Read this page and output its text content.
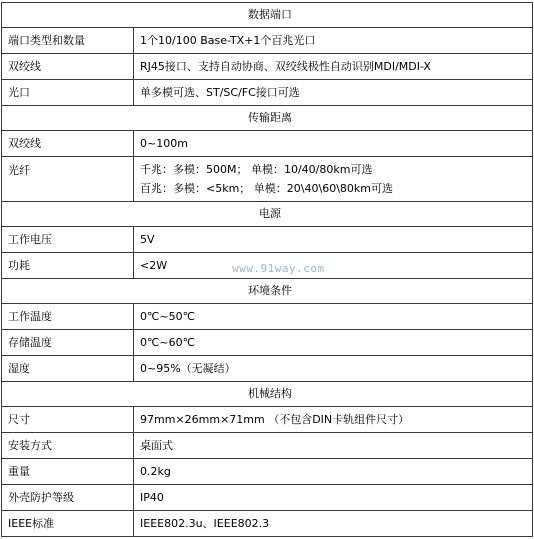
数据端口	
端口类型和数量	1个10/100 Base-TX+1个百兆光口
双绞线	RJ45接口、支持自动协商、双绞线极性自动识别MDI/MDI-X
光口	单多模可选、ST/SC/FC接口可选
传输距离	
双绞线	0~100m
光纤	千兆：多模：500M； 单模：10/40/80km可选
百兆：多模：<5km； 单模：20\40\60\80km可选

电源	
工作电压	5V
功耗	<2W
环境条件	
工作温度	0℃~50℃
存储温度	0℃~60℃
湿度	0~95%（无凝结）
机械结构	
尺寸	97mm×26mm×71mm （不包含DIN卡轨组件尺寸）
安装方式	桌面式
重量	0.2kg
外壳防护等级	IP40
IEEE标准	IEEE802.3u、IEEE802.3
www.91way.com
